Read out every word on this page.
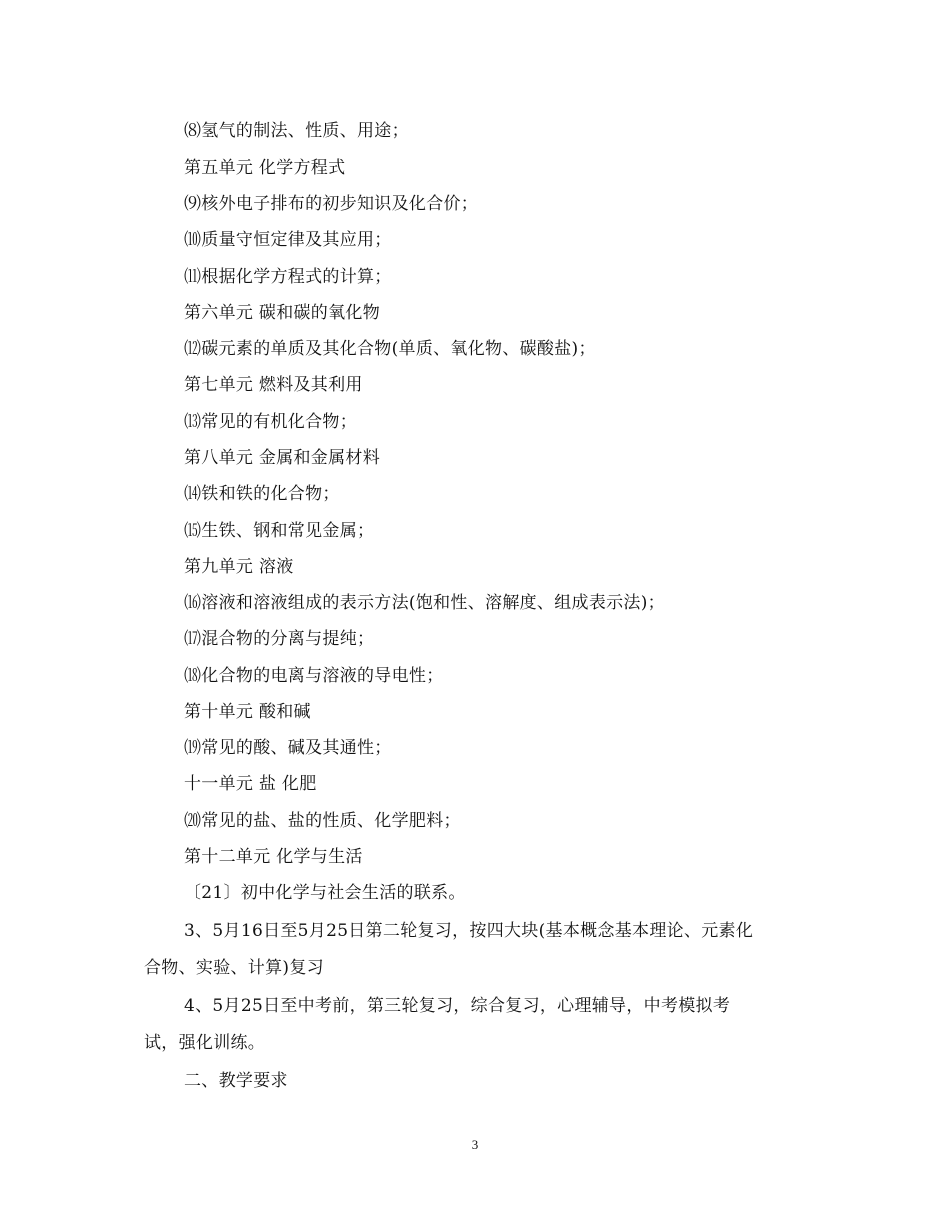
⑻氢气的制法、性质、用途；
第五单元 化学方程式
⑼核外电子排布的初步知识及化合价；
⑽质量守恒定律及其应用；
⑾根据化学方程式的计算；
第六单元 碳和碳的氧化物
⑿碳元素的单质及其化合物(单质、氧化物、碳酸盐)；
第七单元 燃料及其利用
⒀常见的有机化合物；
第八单元 金属和金属材料
⒁铁和铁的化合物；
⒂生铁、钢和常见金属；
第九单元 溶液
⒃溶液和溶液组成的表示方法(饱和性、溶解度、组成表示法)；
⒄混合物的分离与提纯；
⒅化合物的电离与溶液的导电性；
第十单元 酸和碱
⒆常见的酸、碱及其通性；
十一单元 盐 化肥
⒇常见的盐、盐的性质、化学肥料；
第十二单元 化学与生活
〔21〕初中化学与社会生活的联系。
3、5月16日至5月25日第二轮复习，按四大块(基本概念基本理论、元素化
合物、实验、计算)复习
4、5月25日至中考前，第三轮复习，综合复习，心理辅导，中考模拟考
试，强化训练。
二、教学要求
3
